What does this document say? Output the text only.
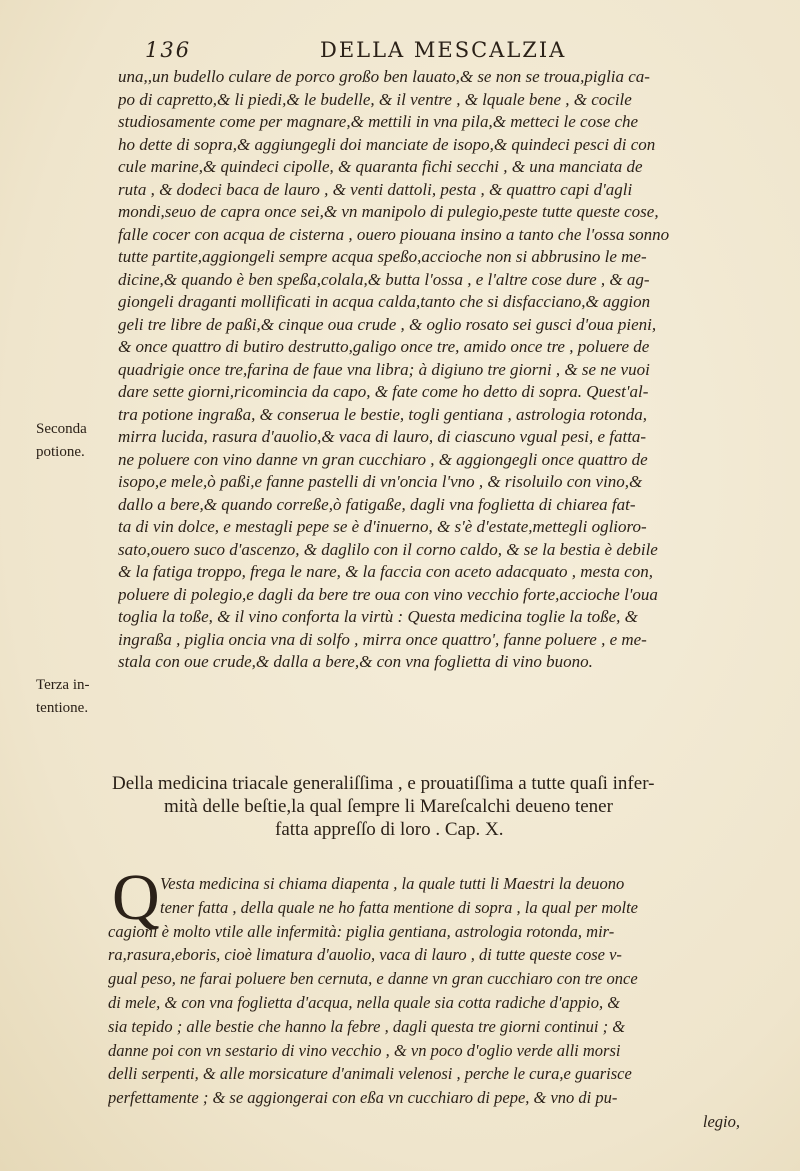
136	DELLA MESCALZIA
una,,un budello culare de porco großo ben lauato,& se non se troua,piglia ca-
po di capretto,& li piedi,& le budelle, & il ventre , & lquale bene , & cocile
studiosamente come per magnare,& mettili in vna pila,& metteci le cose che
ho dette di sopra,& aggiungegli doi manciate de isopo,& quindeci pesci di con
cule marine,& quindeci cipolle, & quaranta fichi secchi , & una manciata de
ruta , & dodeci baca de lauro , & venti dattoli, pesta , & quattro capi d'agli
mondi,seuo de capra once sei,& vn manipolo di pulegio,peste tutte queste cose,
falle cocer con acqua de cisterna , ouero piouana insino a tanto che l'ossa sonno
tutte partite,aggiongeli sempre acqua speßo,accioche non si abbrusino le me-
dicine,& quando è ben speßa,colala,& butta l'ossa , e l'altre cose dure , & ag-
giongeli draganti mollificati in acqua calda,tanto che si disfacciano,& aggion
geli tre libre de paßi,& cinque oua crude , & oglio rosato sei gusci d'oua pieni,
& once quattro di butiro destrutto,galigo once tre, amido once tre , poluere de
quadrigie once tre,farina de faue vna libra; à digiuno tre giorni , & se ne vuoi
dare sette giorni,ricomincia da capo, & fate come ho detto di sopra. Quest'al-
tra potione ingraßa, & conserua le bestie, togli gentiana , astrologia rotonda,
mirra lucida, rasura d'auolio,& vaca di lauro, di ciascuno vgual pesi, e fatta-
ne poluere con vino danne vn gran cucchiaro , & aggiongegli once quattro de
isopo,e mele,ò paßi,e fanne pastelli di vn'oncia l'vno , & risoluilo con vino,&
dallo a bere,& quando correße,ò fatigaße, dagli vna foglietta di chiarea fat-
ta di vin dolce, e mestagli pepe se è d'inuerno, & s'è d'estate,mettegli oglioro-
sato,ouero suco d'ascenzo, & daglilo con il corno caldo, & se la bestia è debile
& la fatiga troppo, frega le nare, & la faccia con aceto adacquato , mesta con,
poluere di polegio,e dagli da bere tre oua con vino vecchio forte,accioche l'oua
toglia la toße, & il vino conforta la virtù : Questa medicina toglie la toße, &
ingraßa , piglia oncia vna di solfo , mirra once quattro', fanne poluere , e me-
stala con oue crude,& dalla a bere,& con vna foglietta di vino buono.
Seconda
potione.
Terza in-
tentione.
Della medicina triacale generaliſſima , e prouatiſſima a tutte quaſi infer-
mità delle beſtie,la qual ſempre li Mareſcalchi deueno tener
fatta appreſſo di loro . Cap. X.
Q Vesta medicina si chiama diapenta , la quale tutti li Maestri la deuono
tener fatta , della quale ne ho fatta mentione di sopra , la qual per molte
cagioni è molto vtile alle infermità: piglia gentiana, astrologia rotonda, mir-
ra,rasura,eboris, cioè limatura d'auolio, vaca di lauro , di tutte queste cose v-
gual peso, ne farai poluere ben cernuta, e danne vn gran cucchiaro con tre once
di mele, & con vna foglietta d'acqua, nella quale sia cotta radiche d'appio, &
sia tepido ; alle bestie che hanno la febre , dagli questa tre giorni continui ; &
danne poi con vn sestario di vino vecchio , & vn poco d'oglio verde alli morsi
delli serpenti, & alle morsicature d'animali velenosi , perche le cura,e guarisce
perfettamente ; & se aggiongerai con eßa vn cucchiaro di pepe, & vno di pu-
legio,
